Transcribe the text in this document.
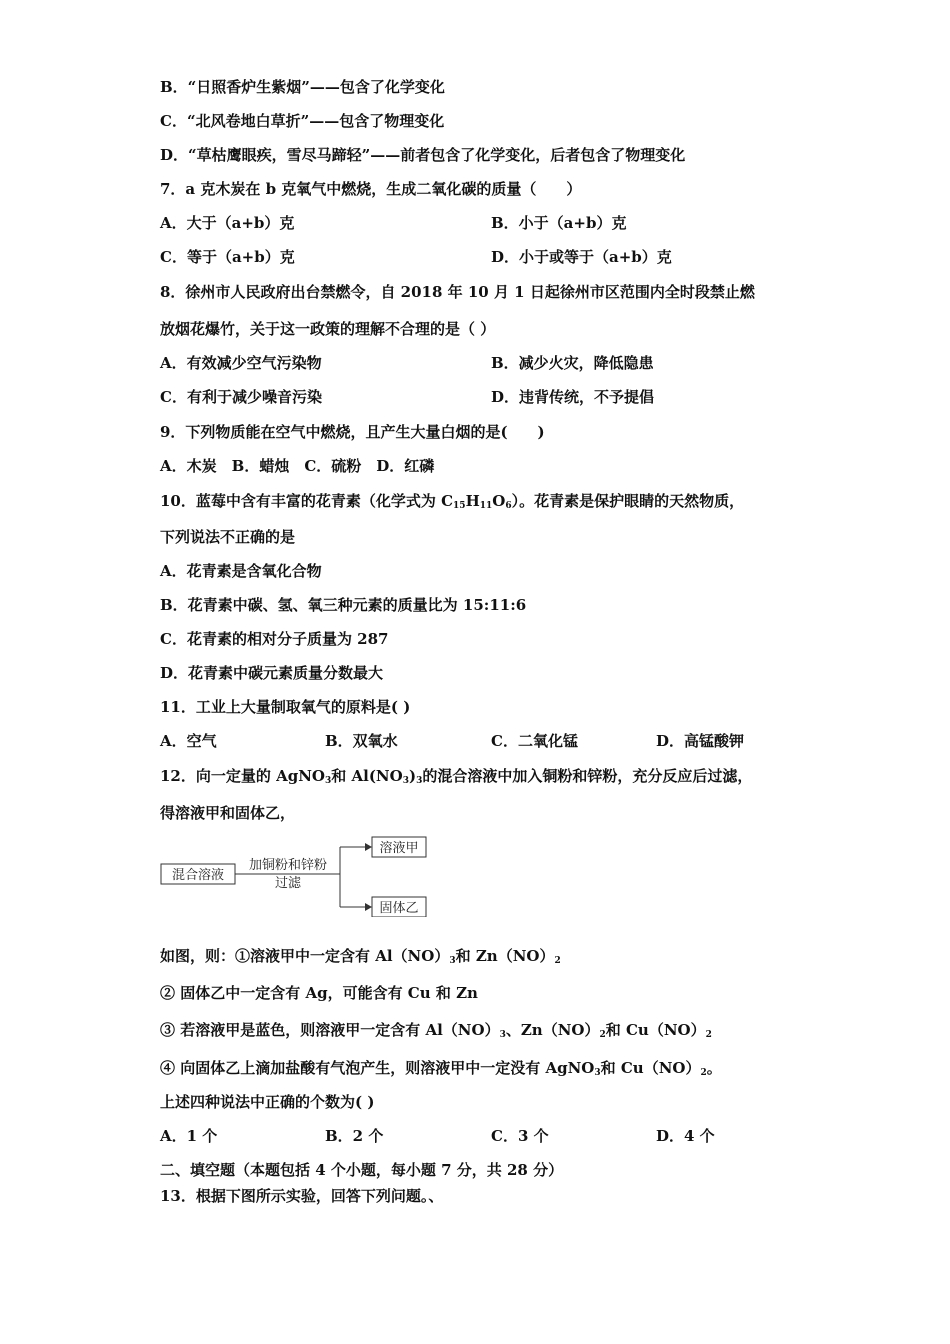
B．“日照香炉生紫烟”——包含了化学变化
C．“北风卷地白草折”——包含了物理变化
D．“草枯鹰眼疾，雪尽马蹄轻”——前者包含了化学变化，后者包含了物理变化
7．a 克木炭在 b 克氧气中燃烧，生成二氧化碳的质量（　　）
A．大于（a+b）克	B．小于（a+b）克
C．等于（a+b）克	D．小于或等于（a+b）克
8．徐州市人民政府出台禁燃令，自 2018 年 10 月 1 日起徐州市区范围内全时段禁止燃
放烟花爆竹，关于这一政策的理解不合理的是（ ）
A．有效减少空气污染物	B．减少火灾，降低隐患
C．有利于减少噪音污染	D．违背传统，不予提倡
9．下列物质能在空气中燃烧，且产生大量白烟的是(　　)
A．木炭　B．蜡烛　C．硫粉　D．红磷
10．蓝莓中含有丰富的花青素（化学式为 $C_{15}H_{11}O_6$）。花青素是保护眼睛的天然物质，
下列说法不正确的是
A．花青素是含氧化合物
B．花青素中碳、氢、氧三种元素的质量比为 15:11:6
C．花青素的相对分子质量为 287
D．花青素中碳元素质量分数最大
11．工业上大量制取氧气的原料是( )
A．空气	B．双氧水	C．二氧化锰	D．高锰酸钾
12．向一定量的 AgNO$_3$和 $Al(NO_3)_3$的混合溶液中加入铜粉和锌粉，充分反应后过滤，
得溶液甲和固体乙，
混合溶液
加铜粉和锌粉
过滤
溶液甲
固体乙
如图，则：①溶液甲中一定含有 $Al(NO)_3$和 $Zn(NO)_2$
② 固体乙中一定含有 Ag，可能含有 Cu 和 Zn
③ 若溶液甲是蓝色，则溶液甲一定含有 $Al(NO)_3$、$Zn(NO)_2$和 $Cu(NO)_2$
④ 向固体乙上滴加盐酸有气泡产生，则溶液甲中一定没有 AgNO$_3$和 $Cu(NO)_2$。
上述四种说法中正确的个数为( )
A．1 个	B．2 个	C．3 个	D．4 个
二、填空题（本题包括 4 个小题，每小题 7 分，共 28 分）
13．根据下图所示实验，回答下列问题。、
